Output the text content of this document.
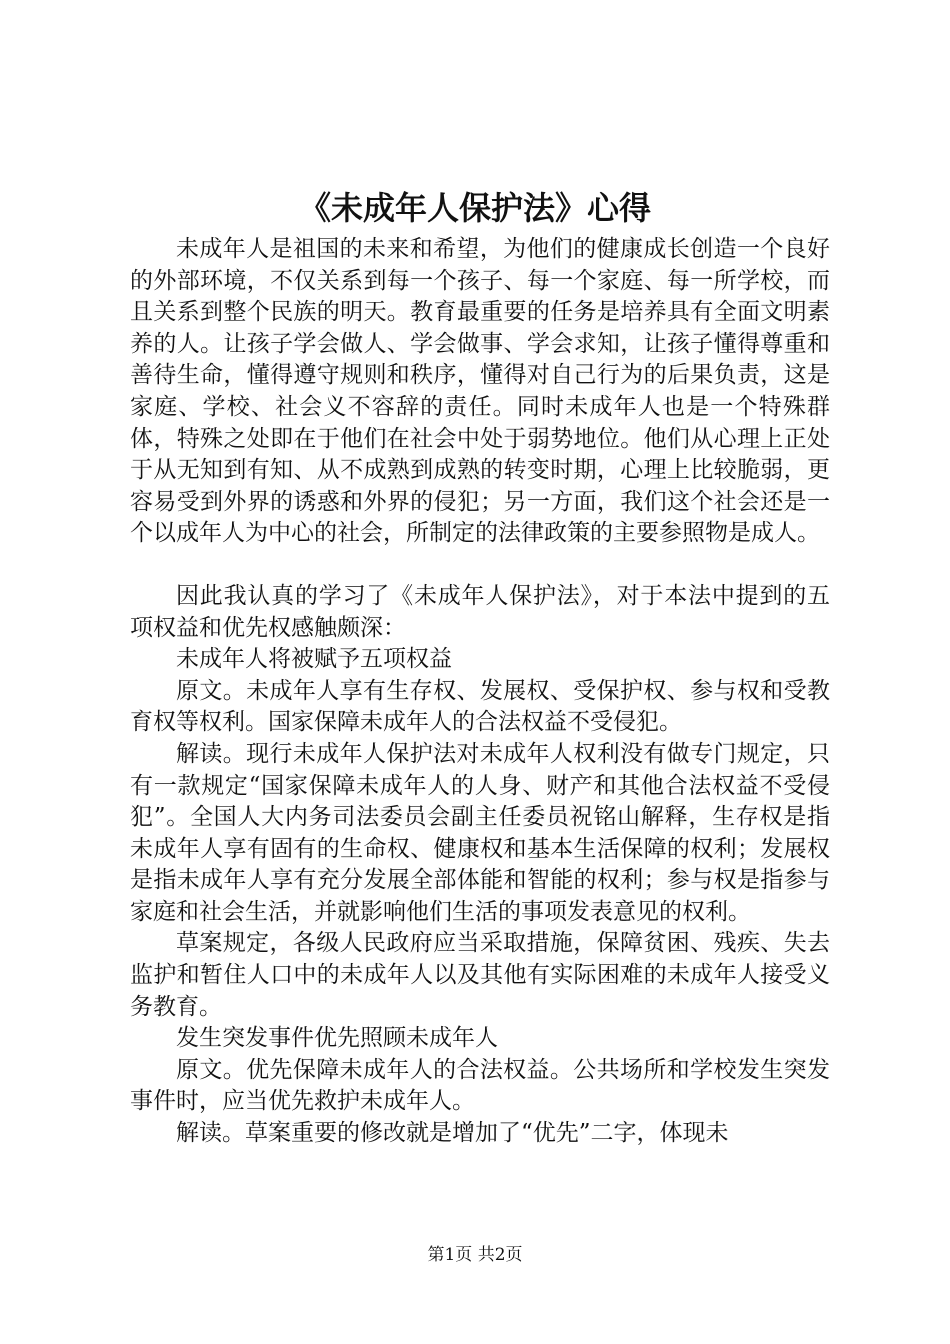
《未成年人保护法》心得

未成年人是祖国的未来和希望，为他们的健康成长创造一个良好的外部环境，不仅关系到每一个孩子、每一个家庭、每一所学校，而且关系到整个民族的明天。教育最重要的任务是培养具有全面文明素养的人。让孩子学会做人、学会做事、学会求知，让孩子懂得尊重和善待生命，懂得遵守规则和秩序，懂得对自己行为的后果负责，这是家庭、学校、社会义不容辞的责任。同时未成年人也是一个特殊群体，特殊之处即在于他们在社会中处于弱势地位。他们从心理上正处于从无知到有知、从不成熟到成熟的转变时期，心理上比较脆弱，更容易受到外界的诱惑和外界的侵犯；另一方面，我们这个社会还是一个以成年人为中心的社会，所制定的法律政策的主要参照物是成人。

因此我认真的学习了《未成年人保护法》，对于本法中提到的五项权益和优先权感触颇深：

未成年人将被赋予五项权益

原文。未成年人享有生存权、发展权、受保护权、参与权和受教育权等权利。国家保障未成年人的合法权益不受侵犯。

解读。现行未成年人保护法对未成年人权利没有做专门规定，只有一款规定“国家保障未成年人的人身、财产和其他合法权益不受侵犯”。全国人大内务司法委员会副主任委员祝铭山解释，生存权是指未成年人享有固有的生命权、健康权和基本生活保障的权利；发展权是指未成年人享有充分发展全部体能和智能的权利；参与权是指参与家庭和社会生活，并就影响他们生活的事项发表意见的权利。

草案规定，各级人民政府应当采取措施，保障贫困、残疾、失去监护和暂住人口中的未成年人以及其他有实际困难的未成年人接受义务教育。

发生突发事件优先照顾未成年人

原文。优先保障未成年人的合法权益。公共场所和学校发生突发事件时，应当优先救护未成年人。

解读。草案重要的修改就是增加了“优先”二字，体现未

第1页 共2页
